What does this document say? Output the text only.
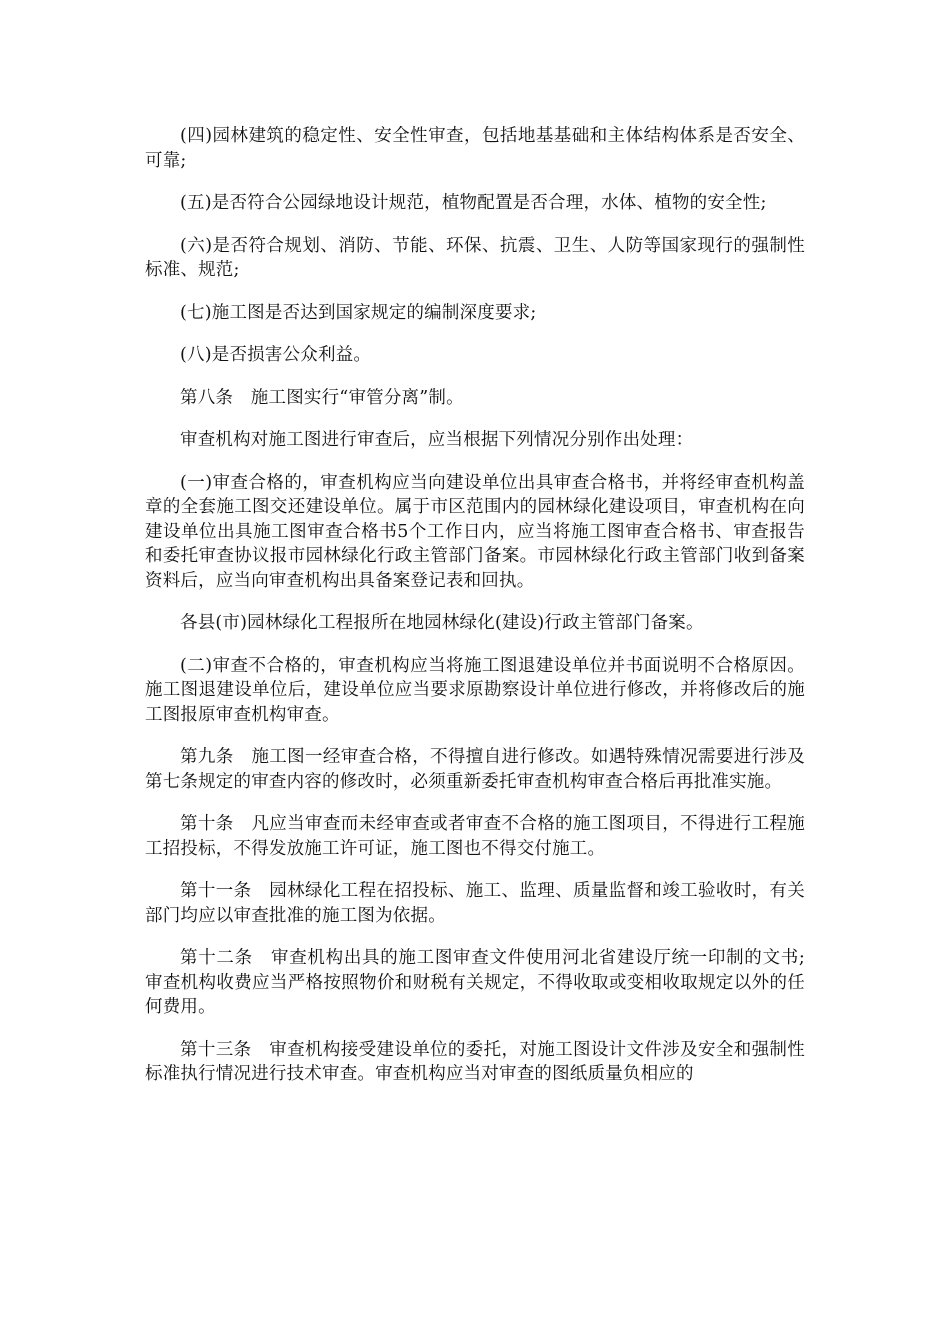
(四)园林建筑的稳定性、安全性审查，包括地基基础和主体结构体系是否安全、可靠;

(五)是否符合公园绿地设计规范，植物配置是否合理，水体、植物的安全性;

(六)是否符合规划、消防、节能、环保、抗震、卫生、人防等国家现行的强制性标准、规范;

(七)施工图是否达到国家规定的编制深度要求;

(八)是否损害公众利益。

第八条　施工图实行“审管分离”制。

审查机构对施工图进行审查后，应当根据下列情况分别作出处理：

(一)审查合格的，审查机构应当向建设单位出具审查合格书，并将经审查机构盖章的全套施工图交还建设单位。属于市区范围内的园林绿化建设项目，审查机构在向建设单位出具施工图审查合格书5个工作日内，应当将施工图审查合格书、审查报告和委托审查协议报市园林绿化行政主管部门备案。市园林绿化行政主管部门收到备案资料后，应当向审查机构出具备案登记表和回执。

各县(市)园林绿化工程报所在地园林绿化(建设)行政主管部门备案。

(二)审查不合格的，审查机构应当将施工图退建设单位并书面说明不合格原因。施工图退建设单位后，建设单位应当要求原勘察设计单位进行修改，并将修改后的施工图报原审查机构审查。

第九条　施工图一经审查合格，不得擅自进行修改。如遇特殊情况需要进行涉及第七条规定的审查内容的修改时，必须重新委托审查机构审查合格后再批准实施。

第十条　凡应当审查而未经审查或者审查不合格的施工图项目，不得进行工程施工招投标，不得发放施工许可证，施工图也不得交付施工。

第十一条　园林绿化工程在招投标、施工、监理、质量监督和竣工验收时，有关部门均应以审查批准的施工图为依据。

第十二条　审查机构出具的施工图审查文件使用河北省建设厅统一印制的文书;审查机构收费应当严格按照物价和财税有关规定，不得收取或变相收取规定以外的任何费用。

第十三条　审查机构接受建设单位的委托，对施工图设计文件涉及安全和强制性标准执行情况进行技术审查。审查机构应当对审查的图纸质量负相应的
